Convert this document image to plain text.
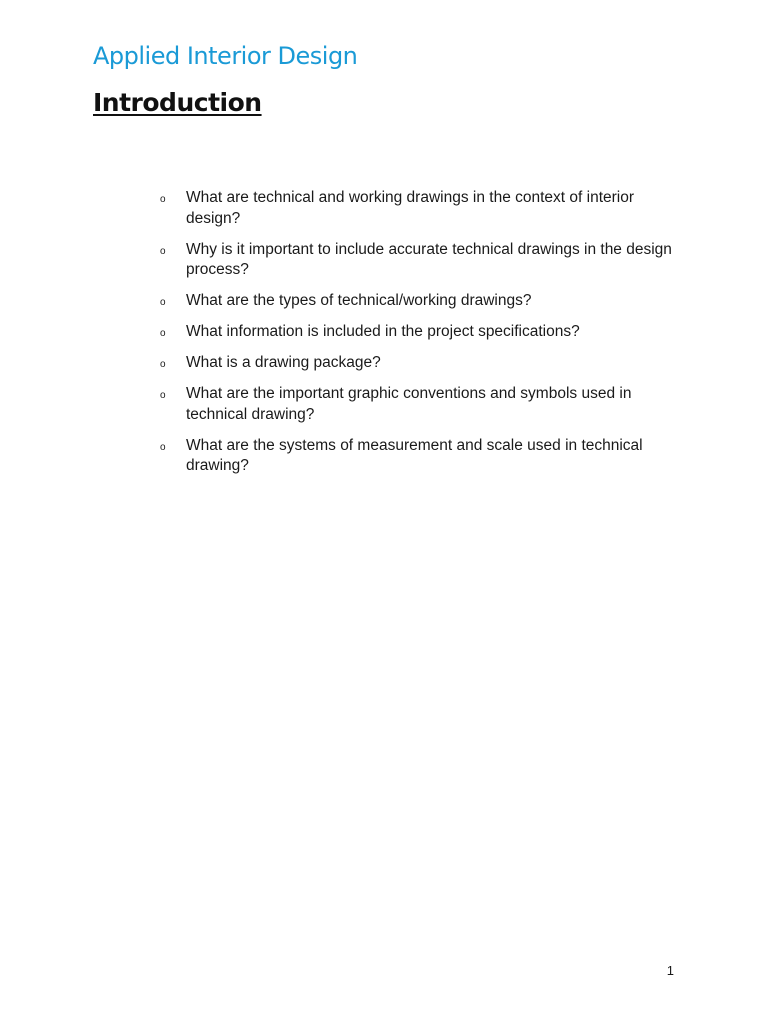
Applied Interior Design
Introduction
o What are technical and working drawings in the context of interior design?
o Why is it important to include accurate technical drawings in the design process?
o What are the types of technical/working drawings?
o What information is included in the project specifications?
o What is a drawing package?
o What are the important graphic conventions and symbols used in technical drawing?
o What are the systems of measurement and scale used in technical drawing?
1
